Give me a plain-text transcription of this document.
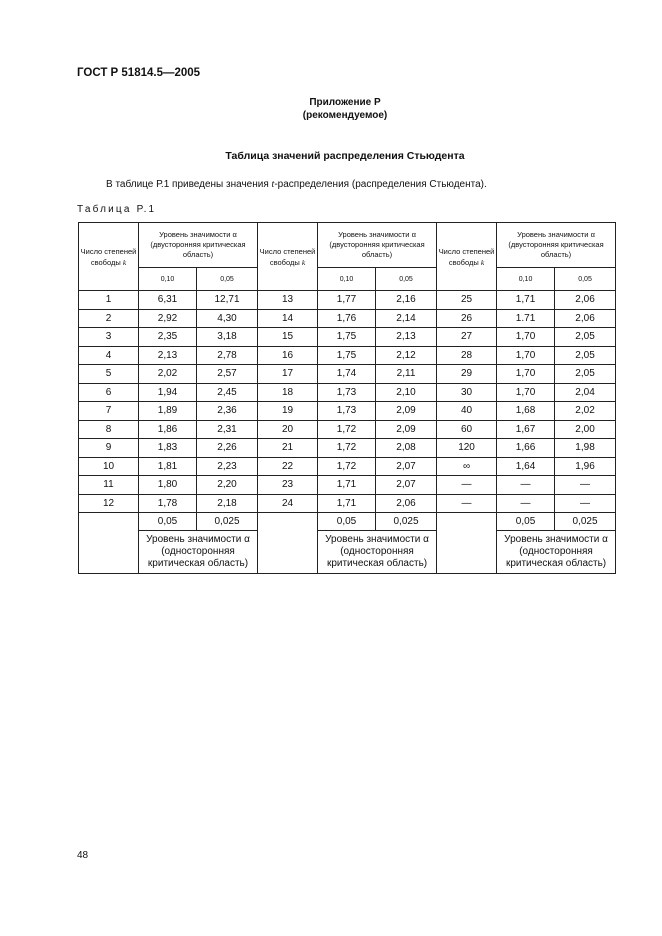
ГОСТ Р 51814.5—2005
Приложение Р
(рекомендуемое)
Таблица значений распределения Стьюдента
В таблице Р.1 приведены значения t-распределения (распределения Стьюдента).
Таблица Р.1
Число степеней свободы k	Уровень значимости α (двусторонняя критическая область)		Число степеней свободы k	Уровень значимости α (двусторонняя критическая область)		Число степеней свободы k	Уровень значимости α (двусторонняя критическая область)	
	0,10	0,05		0,10	0,05		0,10	0,05
1	6,31	12,71	13	1,77	2,16	25	1,71	2,06
2	2,92	4,30	14	1,76	2,14	26	1.71	2,06
3	2,35	3,18	15	1,75	2,13	27	1,70	2,05
4	2,13	2,78	16	1,75	2,12	28	1,70	2,05
5	2,02	2,57	17	1,74	2,11	29	1,70	2,05
6	1,94	2,45	18	1,73	2,10	30	1,70	2,04
7	1,89	2,36	19	1,73	2,09	40	1,68	2,02
8	1,86	2,31	20	1,72	2,09	60	1,67	2,00
9	1,83	2,26	21	1,72	2,08	120	1,66	1,98
10	1,81	2,23	22	1,72	2,07	∞	1,64	1,96
11	1,80	2,20	23	1,71	2,07	—	—	—
12	1,78	2,18	24	1,71	2,06	—	—	—
	0,05	0,025		0,05	0,025		0,05	0,025
	Уровень значимости α (односторонняя критическая область)			Уровень значимости α (односторонняя критическая область)			Уровень значимости α (односторонняя критическая область)	
48
